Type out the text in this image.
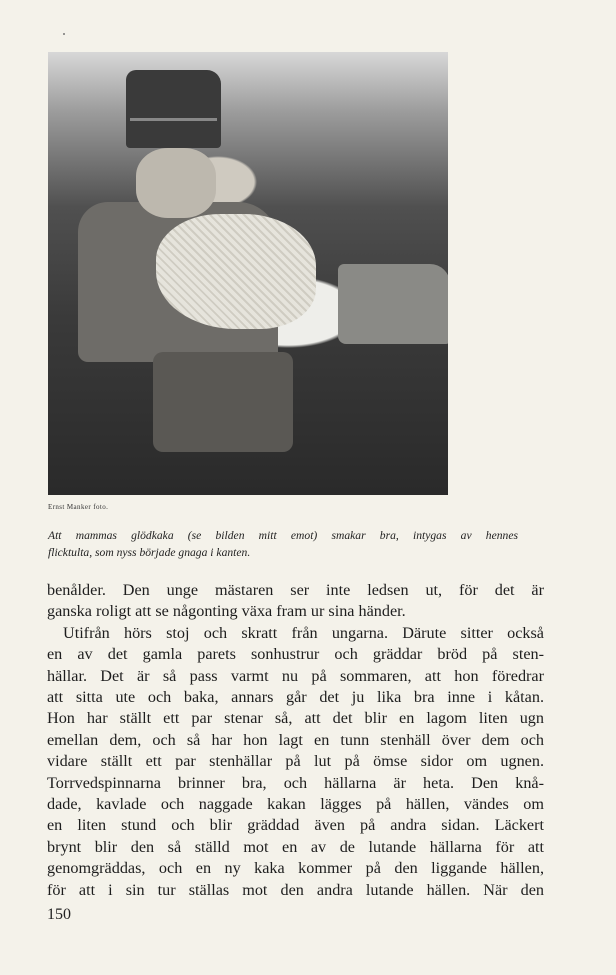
Ernst Manker foto.

Att mammas glödkaka (se bilden mitt emot) smakar bra, intygas av hennes

flicktulta, som nyss började gnaga i kanten.

benålder. Den unge mästaren ser inte ledsen ut, för det är
ganska roligt att se någonting växa fram ur sina händer.
Utifrån hörs stoj och skratt från ungarna. Därute sitter också
en av det gamla parets sonhustrur och gräddar bröd på sten-
hällar. Det är så pass varmt nu på sommaren, att hon föredrar
att sitta ute och baka, annars går det ju lika bra inne i kåtan.
Hon har ställt ett par stenar så, att det blir en lagom liten ugn
emellan dem, och så har hon lagt en tunn stenhäll över dem och
vidare ställt ett par stenhällar på lut på ömse sidor om ugnen.
Torrvedspinnarna brinner bra, och hällarna är heta. Den knå-
dade, kavlade och naggade kakan lägges på hällen, vändes om
en liten stund och blir gräddad även på andra sidan. Läckert
brynt blir den så ställd mot en av de lutande hällarna för att
genomgräddas, och en ny kaka kommer på den liggande hällen,
för att i sin tur ställas mot den andra lutande hällen. När den
150
